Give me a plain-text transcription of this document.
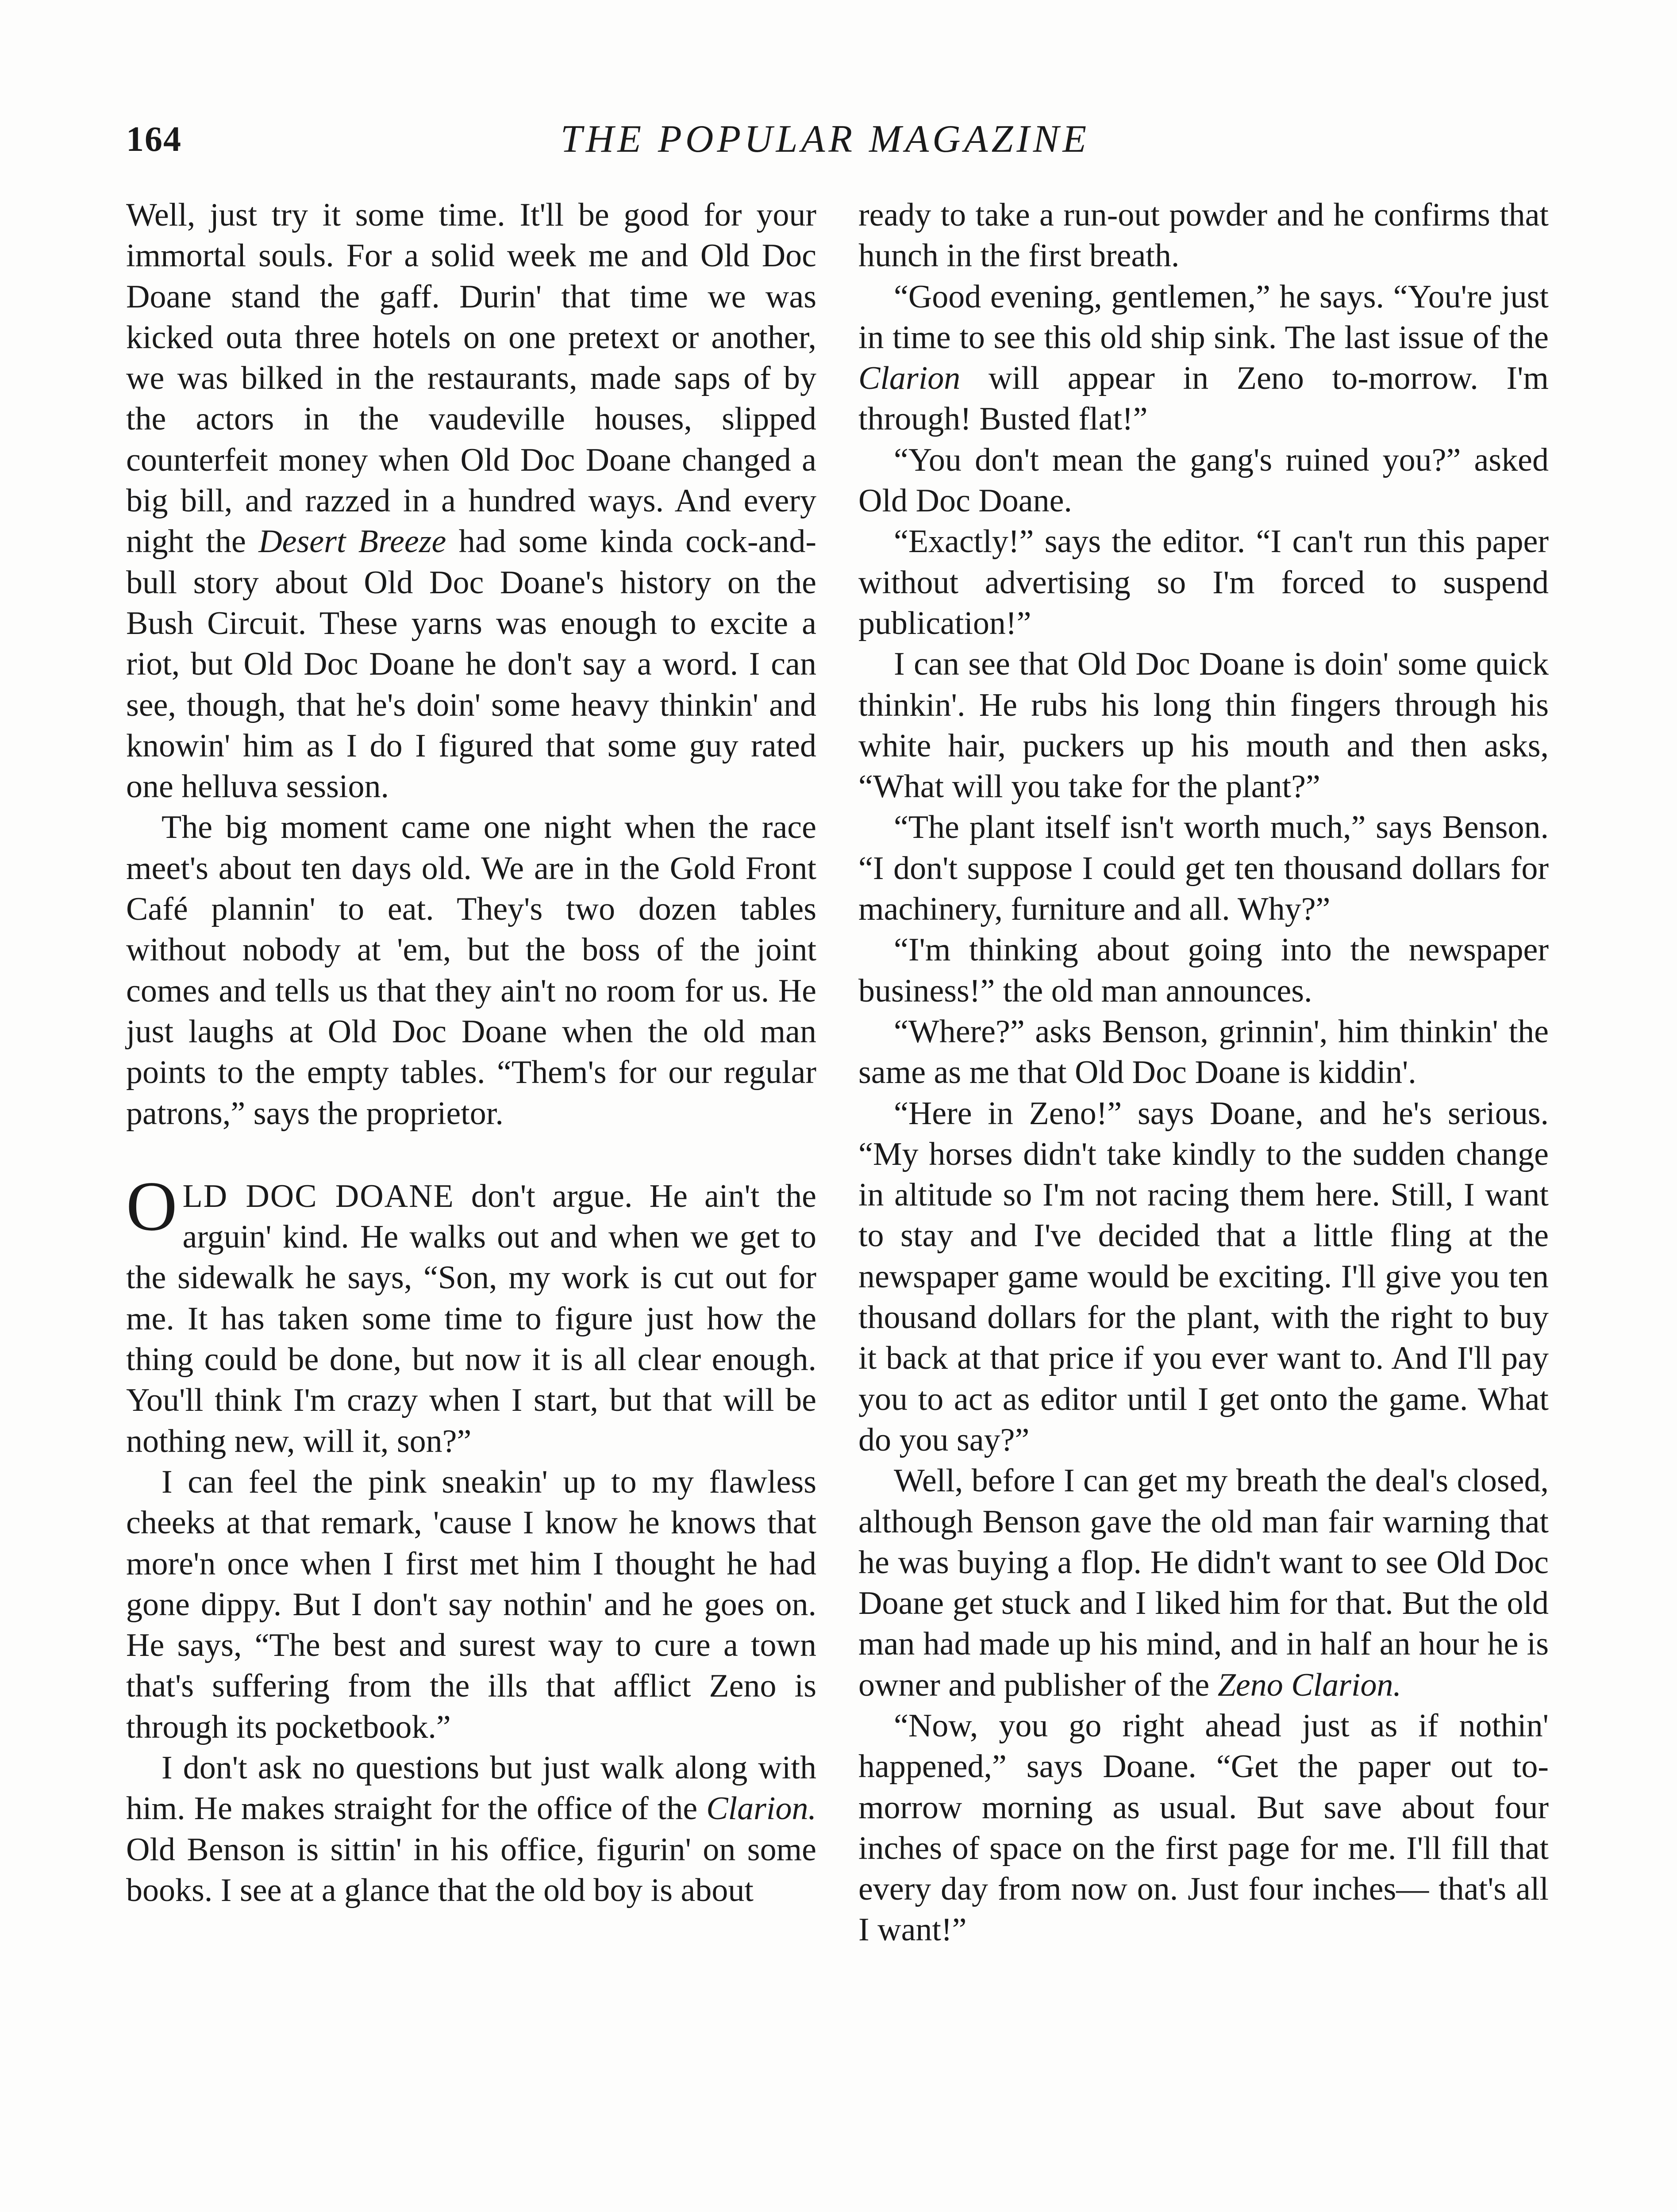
164	THE POPULAR MAGAZINE

Well, just try it some time. It'll be good for your immortal souls. For a solid week me and Old Doc Doane stand the gaff. Durin' that time we was kicked outa three hotels on one pretext or another, we was bilked in the restaurants, made saps of by the actors in the vaudeville houses, slipped counterfeit money when Old Doc Doane changed a big bill, and razzed in a hundred ways. And every night the Desert Breeze had some kinda cock-and-bull story about Old Doc Doane's history on the Bush Circuit. These yarns was enough to excite a riot, but Old Doc Doane he don't say a word. I can see, though, that he's doin' some heavy thinkin' and knowin' him as I do I figured that some guy rated one helluva session.

The big moment came one night when the race meet's about ten days old. We are in the Gold Front Café plannin' to eat. They's two dozen tables without nobody at 'em, but the boss of the joint comes and tells us that they ain't no room for us. He just laughs at Old Doc Doane when the old man points to the empty tables. “Them's for our regular patrons,” says the proprietor.

OLD DOC DOANE don't argue. He ain't the arguin' kind. He walks out and when we get to the sidewalk he says, “Son, my work is cut out for me. It has taken some time to figure just how the thing could be done, but now it is all clear enough. You'll think I'm crazy when I start, but that will be nothing new, will it, son?”

I can feel the pink sneakin' up to my flawless cheeks at that remark, 'cause I know he knows that more'n once when I first met him I thought he had gone dippy. But I don't say nothin' and he goes on. He says, “The best and surest way to cure a town that's suffering from the ills that afflict Zeno is through its pocketbook.”

I don't ask no questions but just walk along with him. He makes straight for the office of the Clarion. Old Benson is sittin' in his office, figurin' on some books. I see at a glance that the old boy is about

ready to take a run-out powder and he confirms that hunch in the first breath.

“Good evening, gentlemen,” he says. “You're just in time to see this old ship sink. The last issue of the Clarion will appear in Zeno to-morrow. I'm through! Busted flat!”

“You don't mean the gang's ruined you?” asked Old Doc Doane.

“Exactly!” says the editor. “I can't run this paper without advertising so I'm forced to suspend publication!”

I can see that Old Doc Doane is doin' some quick thinkin'. He rubs his long thin fingers through his white hair, puckers up his mouth and then asks, “What will you take for the plant?”

“The plant itself isn't worth much,” says Benson. “I don't suppose I could get ten thousand dollars for machinery, furniture and all. Why?”

“I'm thinking about going into the newspaper business!” the old man announces.

“Where?” asks Benson, grinnin', him thinkin' the same as me that Old Doc Doane is kiddin'.

“Here in Zeno!” says Doane, and he's serious. “My horses didn't take kindly to the sudden change in altitude so I'm not racing them here. Still, I want to stay and I've decided that a little fling at the newspaper game would be exciting. I'll give you ten thousand dollars for the plant, with the right to buy it back at that price if you ever want to. And I'll pay you to act as editor until I get onto the game. What do you say?”

Well, before I can get my breath the deal's closed, although Benson gave the old man fair warning that he was buying a flop. He didn't want to see Old Doc Doane get stuck and I liked him for that. But the old man had made up his mind, and in half an hour he is owner and publisher of the Zeno Clarion.

“Now, you go right ahead just as if nothin' happened,” says Doane. “Get the paper out to-morrow morning as usual. But save about four inches of space on the first page for me. I'll fill that every day from now on. Just four inches— that's all I want!”
